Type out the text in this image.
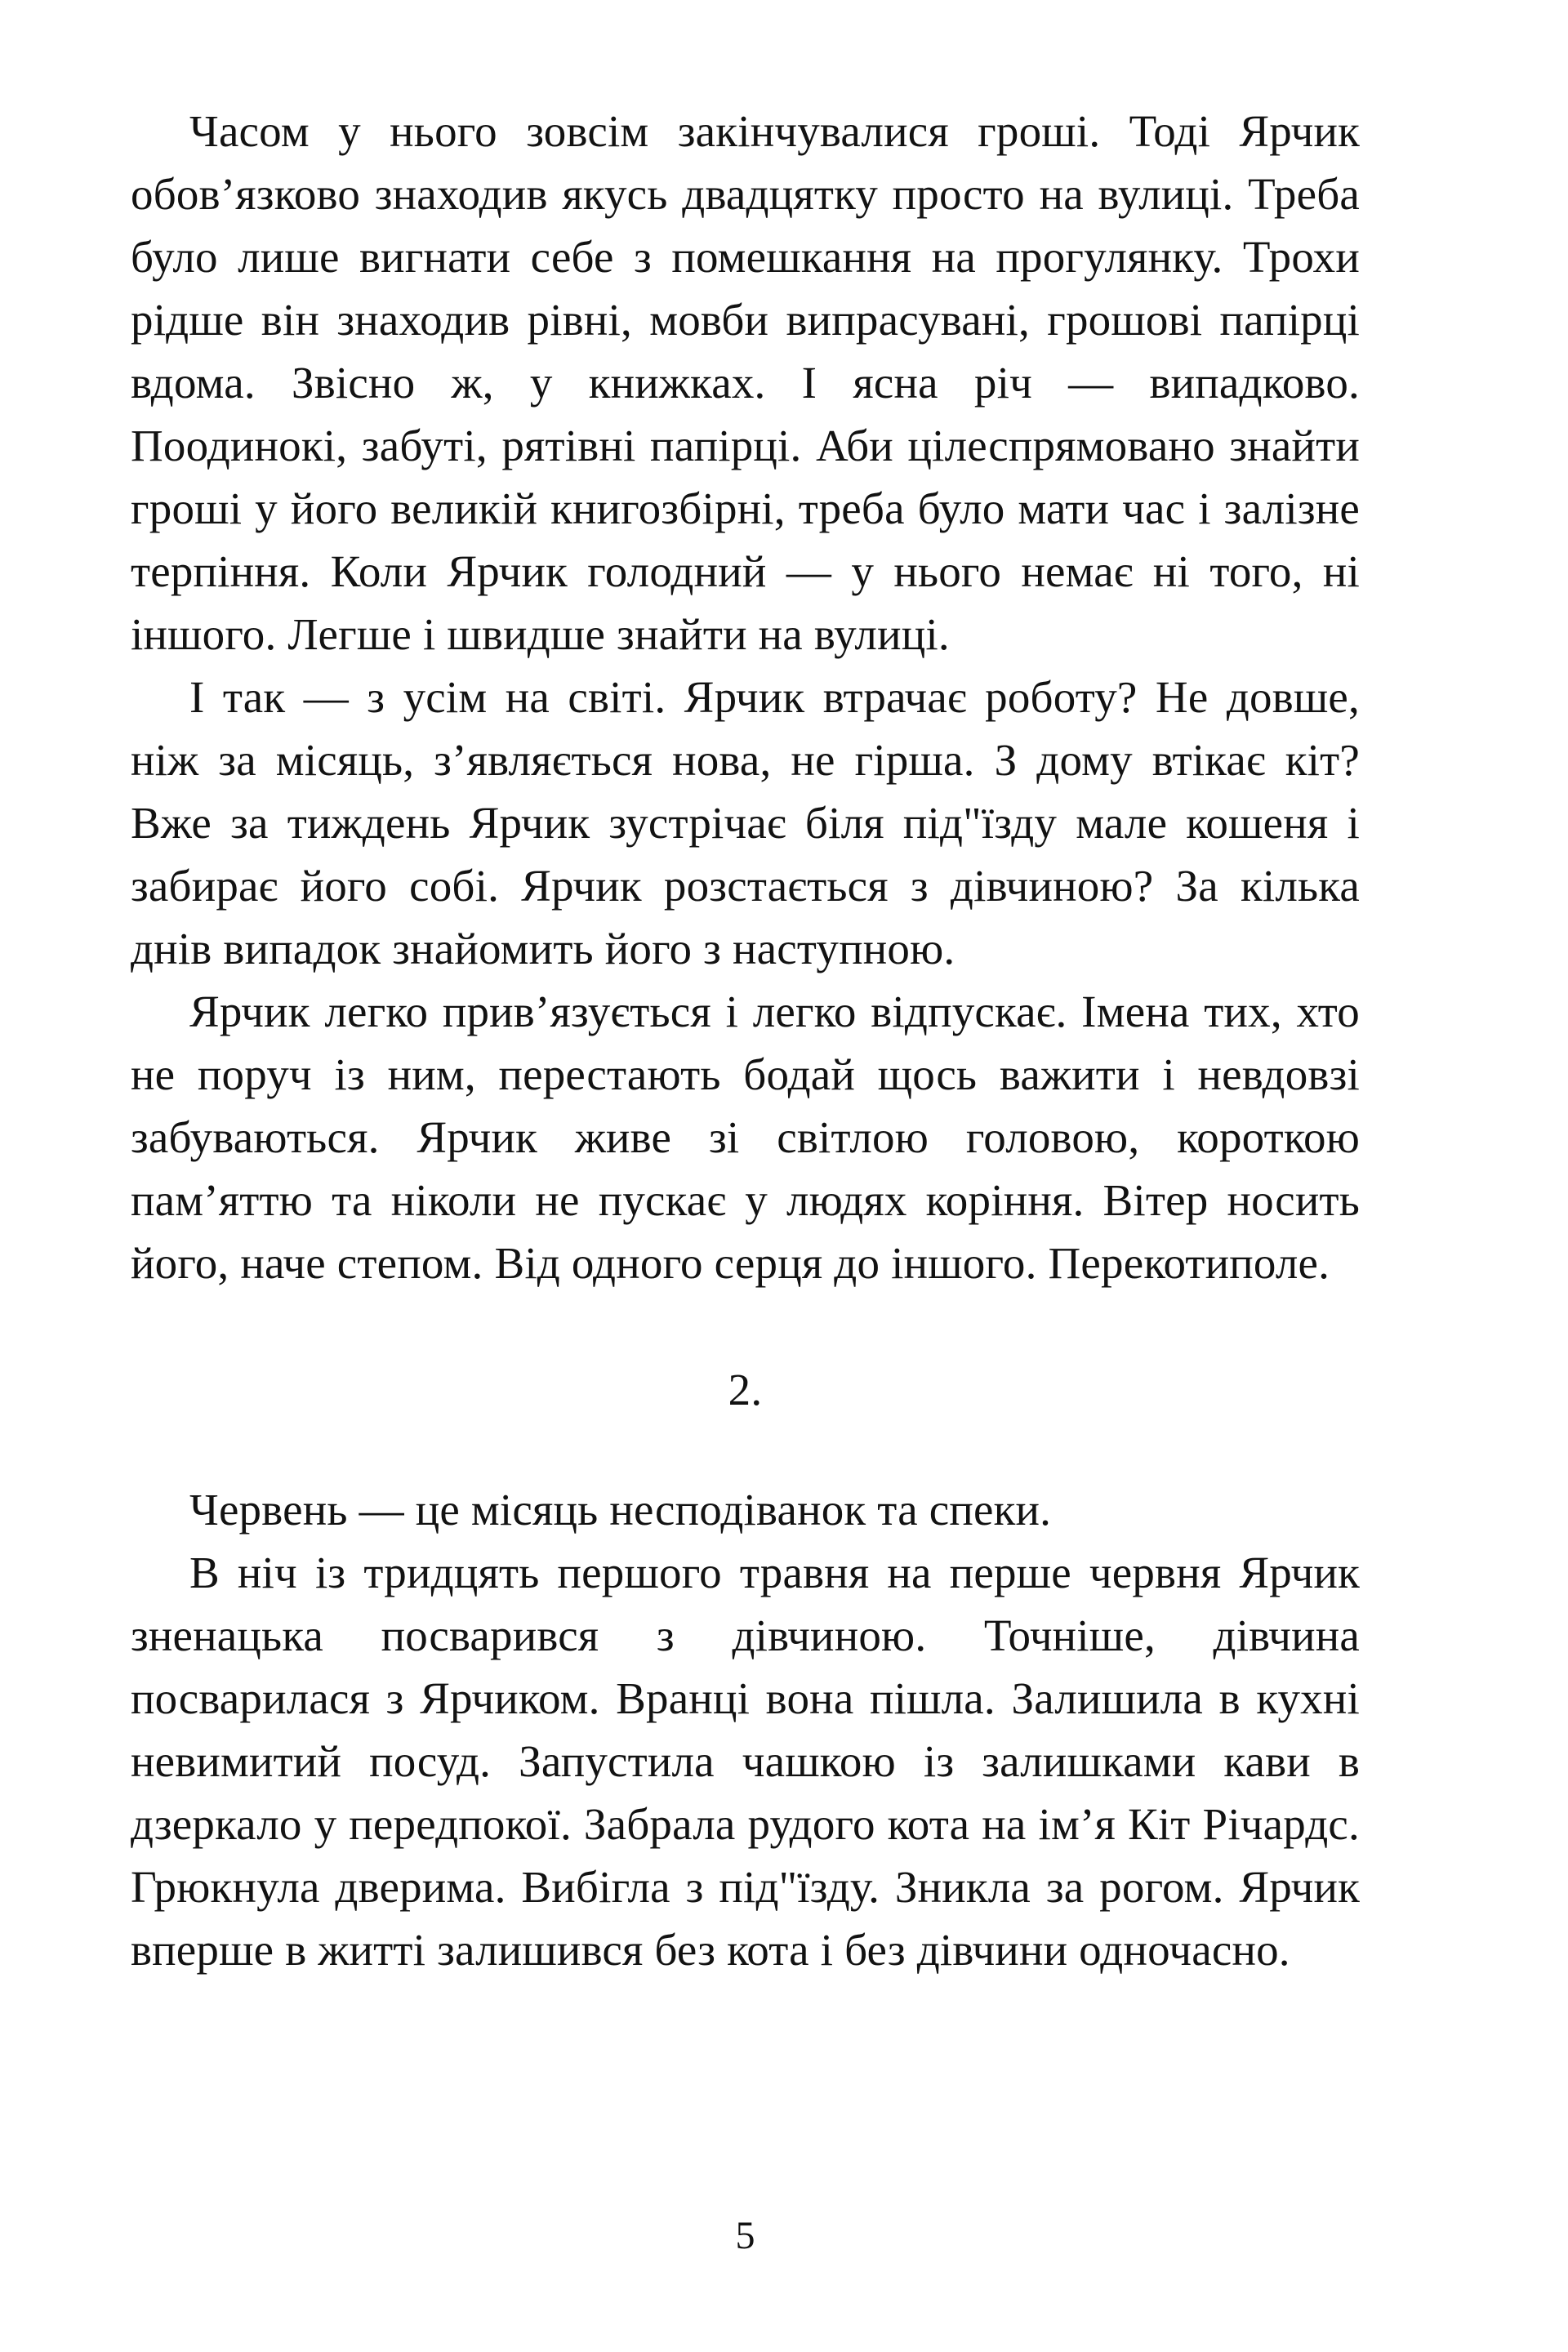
Часом у нього зовсім закінчувалися гроші. Тоді Ярчик обов’язково знаходив якусь двадцятку просто на вулиці. Треба було лише вигнати себе з помешкання на прогулянку. Трохи рідше він знаходив рівні, мовби випрасувані, грошові папірці вдома. Звісно ж, у книжках. І ясна річ — випадково. Поодинокі, забуті, рятівні папірці. Аби цілеспрямовано знайти гроші у його великій книгозбірні, треба було мати час і залізне терпіння. Коли Ярчик голодний — у нього немає ні того, ні іншого. Легше і швидше знайти на вулиці.

І так — з усім на світі. Ярчик втрачає роботу? Не довше, ніж за місяць, з’являється нова, не гірша. З дому втікає кіт? Вже за тиждень Ярчик зустрічає біля під"їзду мале кошеня і забирає його собі. Ярчик розстається з дівчиною? За кілька днів випадок знайомить його з наступною.

Ярчик легко прив’язується і легко відпускає. Імена тих, хто не поруч із ним, перестають бодай щось важити і невдовзі забуваються. Ярчик живе зі світлою головою, короткою пам’яттю та ніколи не пускає у людях коріння. Вітер носить його, наче степом. Від одного серця до іншого. Перекотиполе.

2.

Червень — це місяць несподіванок та спеки.

В ніч із тридцять першого травня на перше червня Ярчик зненацька посварився з дівчиною. Точніше, дівчина посварилася з Ярчиком. Вранці вона пішла. Залишила в кухні невимитий посуд. Запустила чашкою із залишками кави в дзеркало у передпокої. Забрала рудого кота на ім’я Кіт Річардс. Грюкнула дверима. Вибігла з під"їзду. Зникла за рогом. Ярчик вперше в житті залишився без кота і без дівчини одночасно.

5
